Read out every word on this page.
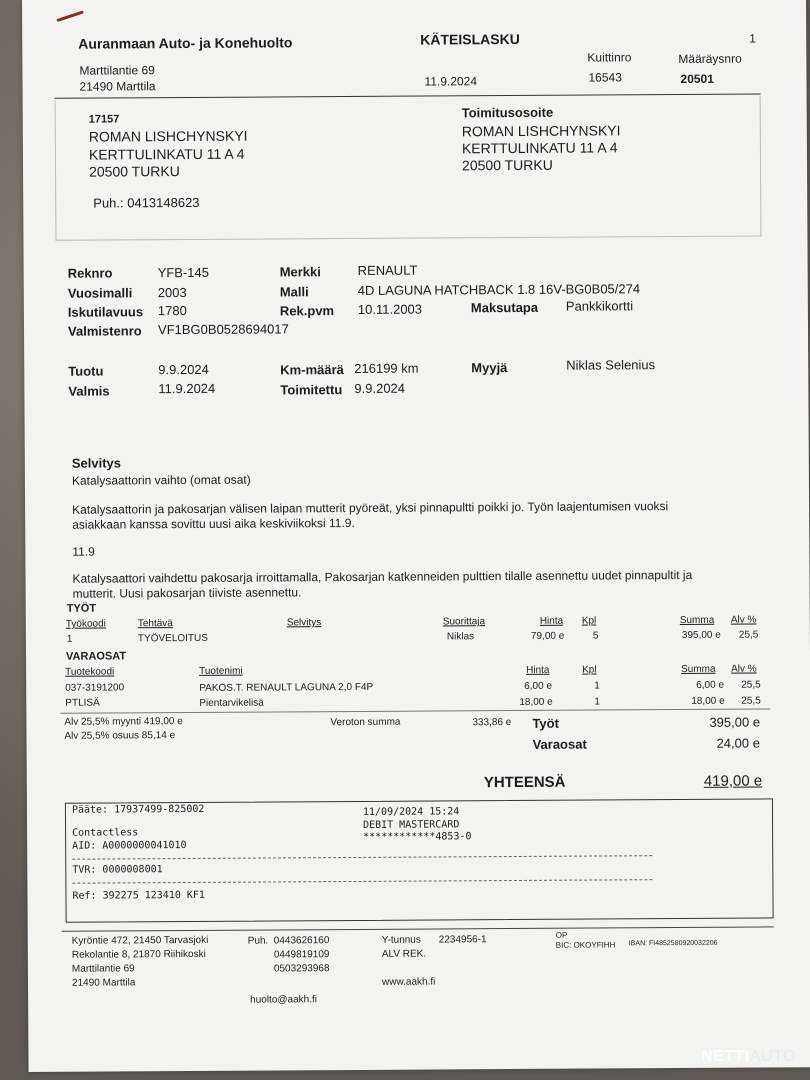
Auranmaan Auto- ja Konehuolto
Marttilantie 69
21490 Marttila
KÄTEISLASKU	1
Kuittinro	Määräysnro
11.9.2024	16543	20501
17157
ROMAN LISHCHYNSKYI
KERTTULINKATU 11 A 4
20500 TURKU
Puh.: 0413148623
Toimitusosoite
ROMAN LISHCHYNSKYI
KERTTULINKATU 11 A 4
20500 TURKU
Reknro	YFB-145	Merkki	RENAULT
Vuosimalli 2003	Malli	4D LAGUNA HATCHBACK 1.8 16V-BG0B05/274
Iskutilavuus 1780	Rek.pvm 10.11.2003	Maksutapa Pankkikortti
Valmistenro VF1BG0B0528694017
Tuotu	9.9.2024	Km-määrä 216199 km	Myyjä	Niklas Selenius
Valmis	11.9.2024	Toimitettu 9.9.2024
Selvitys
Katalysaattorin vaihto (omat osat)
Katalysaattorin ja pakosarjan välisen laipan mutterit pyöreät, yksi pinnapultti poikki jo. Työn laajentumisen vuoksi
asiakkaan kanssa sovittu uusi aika keskiviikoksi 11.9.
11.9
Katalysaattori vaihdettu pakosarja irroittamalla, Pakosarjan katkenneiden pulttien tilalle asennettu uudet pinnapultit ja
mutterit. Uusi pakosarjan tiiviste asennettu.
TYÖT
Työkoodi	Tehtävä	Selvitys	Suorittaja	Hinta Kpl	Summa Alv %
1	TYÖVELOITUS	Niklas	79,00 e	5	395,00 e 25,5
VARAOSAT
Tuotekoodi	Tuotenimi	Hinta	Kpl	Summa Alv %
037-3191200	PAKOS.T. RENAULT LAGUNA 2,0 F4P	6,00 e	1	6,00 e 25,5
PTLISÄ	Pientarvikelisä	18,00 e	1	18,00 e 25,5
Alv 25,5% myynti 419,00 e
Alv 25,5% osuus 85,14 e
Veroton summa	333,86 e Työt	395,00 e
Varaosat	24,00 e
YHTEENSÄ	419,00 e
Pääte: 17937499-825002	11/09/2024 15:24
DEBIT MASTERCARD
************4853-0
Contactless
AID: A0000000041010
TVR: 0000008001
Ref: 392275 123410 KF1
Kyröntie 472, 21450 Tarvasjoki
Rekolantie 8, 21870 Riihikoski
Marttilantie 69
21490 Marttila
Puh. 0443626160
0449819109
0503293968
huolto@aakh.fi
Y-tunnus 2234956-1
ALV REK.
www.aakh.fi
OP
BIC: OKOYFIHH IBAN: FI4852580920032206
NETTIAUTO
